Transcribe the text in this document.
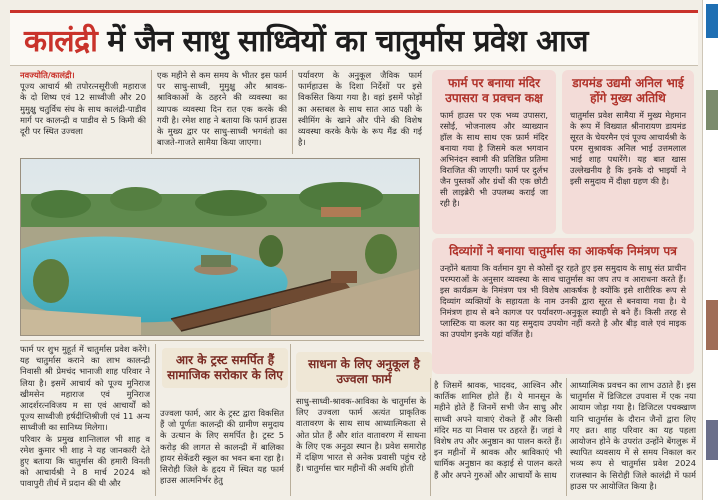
कालंद्री में जैन साधु साध्वियों का चातुर्मास प्रवेश आज
नवज्योति/कालंद्री।
पूज्य आचार्य श्री तपोरत्नसूरीजी महाराज के दो शिष्य एवं 12 साध्वीजी और 20 मुमुक्षु चतुर्विध संघ के साथ कालंद्री-पाडीव मार्ग पर कालन्द्री व पाडीव से 5 किमी की दूरी पर स्थित उज्वला
एक महीने से कम समय के भीतर इस फार्म पर साधु-साध्वी, मुमुक्षु और श्रावक-श्राविकाओं के ठहरने की व्यवस्था का व्यापक व्यवस्था दिन रात एक करके की गयी है। रमेश शाह ने बताया कि फार्म हाउस के मुख्य द्वार पर साधु-साध्वी भगवंतो का बाजते-गाजते सामैया किया जाएगा।
पर्यावरण के अनुकूल जैविक फार्म फार्महाउस के दिशा निर्देशों पर इसे विकसित किया गया है। वहां इसमें फोड़ों का अस्तबल के साथ सात आठ पक्षी के स्वीमिंग के खाने और पीने की विशेष व्यवस्था करके कैफे के रूप मैंढ की गई है।
फार्म पर बनाया मंदिर उपासरा व प्रवचन कक्ष
फार्म हाउस पर एक भव्य उपासरा, रसोई, भोजनालय और व्याख्यान हॉल के साथ साथ एक फ़ार्म मंदिर बनाया गया है जिसमे कल भगवान अभिनंदन स्वामी की प्रतिष्ठित प्रतिमा विराजित की जाएगी। फार्म पर दुर्लभ जैन पुस्तकों और ग्रंथों की एक छोटी सी लाइब्रेरी भी उपलब्ध कराई जा रही है।
डायमंड उद्यमी अनिल भाई होंगे मुख्य अतिथि
चातुर्मास प्रवेश सामैया में मुख्य मेहमान के रूप में विख्यात श्रीनारायण डायमंड सूरत के चेयरमैन एवं पूज्य आचार्यश्री के परम सुश्रावक अनिल भाई उत्तमलाल भाई शाह पधारेंगे। यह बात खास उल्लेखनीय है कि इनके दो भाइयों ने इसी समुदाय में दीक्षा ग्रहण की है।
दिव्यांगों ने बनाया चातुर्मास का आकर्षक निमंत्रण पत्र
उन्होंने बताया कि वर्तमान युग से कोसों दूर रहते हुए इस समुदाय के साधु संत प्राचीन परम्पराओं के अनुसार व्यवस्था के साथ चातुर्मास का जप तप व आराधना करते हैं। इस कार्यक्रम के निमंत्रण पत्र भी विशेष आकर्षक है क्योंकि इसे शारीरिक रूप से दिव्यांग व्यक्तियों के सहायता के नाम उनकी द्वारा सूरत से बनवाया गया है। ये निमंत्रण हाथ से बने कागज पर पर्यावरण-अनुकूल स्याही से बने हैं। किसी तरह से प्लास्टिक या कलर का यह समुदाय उपयोग नहीं करते है और बीड़ वाले एवं माइक का उपयोग इनके यहां वर्जित है।
फार्म पर शुभ मुहूर्त में चातुर्मास प्रवेश करेंगे। यह चातुर्मास कराने का लाभ कालन्द्री निवासी श्री प्रेमचंद भानाजी शाह परिवार ने लिया है। इसमें आचार्य को पूज्य मुनिराज खीमसेन महाराज एवं मुनिराज आदर्शरत्नविजय म सा एवं आचार्यों को पूज्य साध्वीजी हर्षदीप्तिश्रीजी एवं 11 अन्य साध्वीजी का सानिध्य मिलेगा।
परिवार के प्रमुख शान्तिलाल भी शाह व रमेश कुमार भी शाह ने यह जानकारी देते हुए बताया कि चातुर्मास की हमारी विनती को आचार्यश्री ने 8 मार्च 2024 को पावापुरी तीर्थ में प्रदान की थी और
आर के ट्रस्ट समर्पित हैं सामाजिक सरोकार के लिए
उज्वला फार्म, आर के ट्रस्ट द्वारा विकसित हैं जो पूर्णतः कालन्द्री की ग्रामीण समुदाय के उत्थान के लिए समर्पित है। ट्रस्ट 5 करोड़ की लागत से कालन्द्री में बालिका हायर सेकेंडरी स्कूल का भवन बना रहा है। सिरोही जिले के हृदय में स्थित यह फार्म हाउस आत्मनिर्भर हेतु
साधना के लिए अनुकूल है उज्वला फार्म
साधु-साध्वी-श्रावक-आविका के चातुर्मास के लिए उज्वला फार्म अत्यंत प्राकृतिक वातावरण के साथ साथ आध्यात्मिकता से ओत प्रोत हैं और शांत वातावरण में साधना के लिए एक अनुठा स्थान है। प्रवेश समारोह में दक्षिण भारत से अनेक प्रवासी पहुंच रहे हैं। चातुर्मास चार महीनों की अवधि होती
है जिसमें श्रावक, भादवद, आश्विन और कार्तिक शामिल होते हैं। ये मानसून के महीने होते हैं जिनमें सभी जैन साधु और साध्वी अपने यात्राएं रोकते हैं और किसी मंदिर मठ या निवास पर ठहरते हैं। जहां वे विशेष तप और अनुष्ठान का पालन करते हैं। इन महीनों में श्रावक और श्राविकाएं भी धार्मिक अनुष्ठान का कड़ाई से पालन करते हैं और अपने गुरुओं और आचार्यों के साथ
आध्यात्मिक प्रवचन का लाभ उठाते हैं। इस चातुर्मास में डिजिटल उपवास में एक नया आयाम जोड़ा गया है। डिजिटल पचक्खाण यानि चातुर्मास के दौरान जैनों द्वारा लिए गए व्रत। शाह परिवार का यह पहला आयोजन होने के उपरांत उन्होंने बेंगलुरू में स्थापित व्यवसाय में से समय निकाल कर भव्य रूप से चातुर्मास प्रवेश 2024 राजस्थान के सिरोही जिले कालंद्री में फार्म हाउस पर आयोजित किया है।
